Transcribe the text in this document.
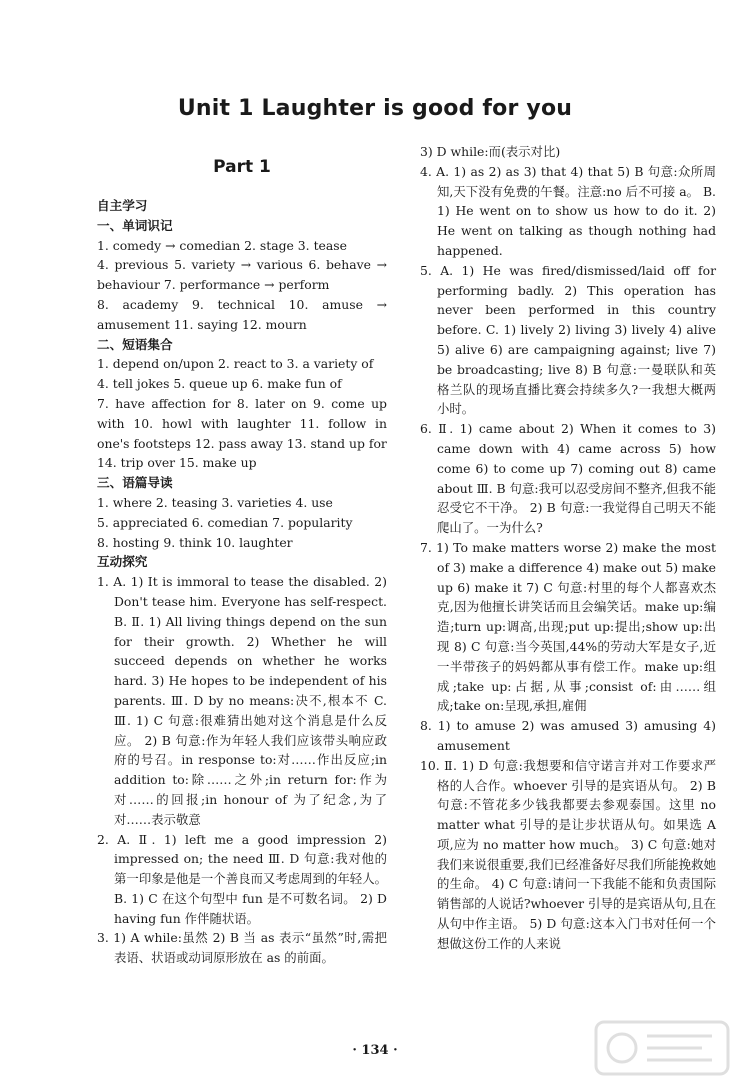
Unit 1 Laughter is good for you
Part 1
自主学习
一、单词识记
1. comedy → comedian 2. stage 3. tease
4. previous 5. variety → various 6. behave → behaviour 7. performance → perform
8. academy 9. technical 10. amuse → amusement 11. saying 12. mourn
二、短语集合
1. depend on/upon 2. react to 3. a variety of
4. tell jokes 5. queue up 6. make fun of
7. have affection for 8. later on 9. come up with 10. howl with laughter 11. follow in one's footsteps 12. pass away 13. stand up for
14. trip over 15. make up
三、语篇导读
1. where 2. teasing 3. varieties 4. use
5. appreciated 6. comedian 7. popularity
8. hosting 9. think 10. laughter
互动探究
1. A. 1) It is immoral to tease the disabled. 2) Don't tease him. Everyone has self-respect. B. Ⅱ. 1) All living things depend on the sun for their growth. 2) Whether he will succeed depends on whether he works hard. 3) He hopes to be independent of his parents. Ⅲ. D by no means:决不,根本不 C. Ⅲ. 1) C 句意:很难猜出她对这个消息是什么反应。 2) B 句意:作为年轻人我们应该带头响应政府的号召。in response to:对……作出反应;in addition to:除……之外;in return for:作为对……的回报;in honour of 为了纪念,为了对……表示敬意
2. A. Ⅱ. 1) left me a good impression 2) impressed on; the need Ⅲ. D 句意:我对他的第一印象是他是一个善良而又考虑周到的年轻人。 B. 1) C 在这个句型中 fun 是不可数名词。 2) D having fun 作伴随状语。
3. 1) A while:虽然 2) B 当 as 表示“虽然”时,需把表语、状语或动词原形放在 as 的前面。
3) D while:而(表示对比)
4. A. 1) as 2) as 3) that 4) that 5) B 句意:众所周知,天下没有免费的午餐。注意:no 后不可接 a。 B. 1) He went on to show us how to do it. 2) He went on talking as though nothing had happened.
5. A. 1) He was fired/dismissed/laid off for performing badly. 2) This operation has never been performed in this country before. C. 1) lively 2) living 3) lively 4) alive 5) alive 6) are campaigning against; live 7) be broadcasting; live 8) B 句意:一曼联队和英格兰队的现场直播比赛会持续多久?一我想大概两小时。
6. Ⅱ. 1) came about 2) When it comes to 3) came down with 4) came across 5) how come 6) to come up 7) coming out 8) came about Ⅲ. B 句意:我可以忍受房间不整齐,但我不能忍受它不干净。 2) B 句意:一我觉得自己明天不能爬山了。一为什么?
7. 1) To make matters worse 2) make the most of 3) make a difference 4) make out 5) make up 6) make it 7) C 句意:村里的每个人都喜欢杰克,因为他擅长讲笑话而且会编笑话。make up:编造;turn up:调高,出现;put up:提出;show up:出现 8) C 句意:当今英国,44%的劳动大军是女子,近一半带孩子的妈妈都从事有偿工作。make up:组成;take up:占据,从事;consist of:由……组成;take on:呈现,承担,雇佣
8. 1) to amuse 2) was amused 3) amusing 4) amusement
10. Ⅱ. 1) D 句意:我想要和信守诺言并对工作要求严格的人合作。whoever 引导的是宾语从句。 2) B 句意:不管花多少钱我都要去参观泰国。这里 no matter what 引导的是让步状语从句。如果选 A 项,应为 no matter how much。 3) C 句意:她对我们来说很重要,我们已经准备好尽我们所能挽救她的生命。 4) C 句意:请问一下我能不能和负责国际销售部的人说话?whoever 引导的是宾语从句,且在从句中作主语。 5) D 句意:这本入门书对任何一个想做这份工作的人来说
· 134 ·
